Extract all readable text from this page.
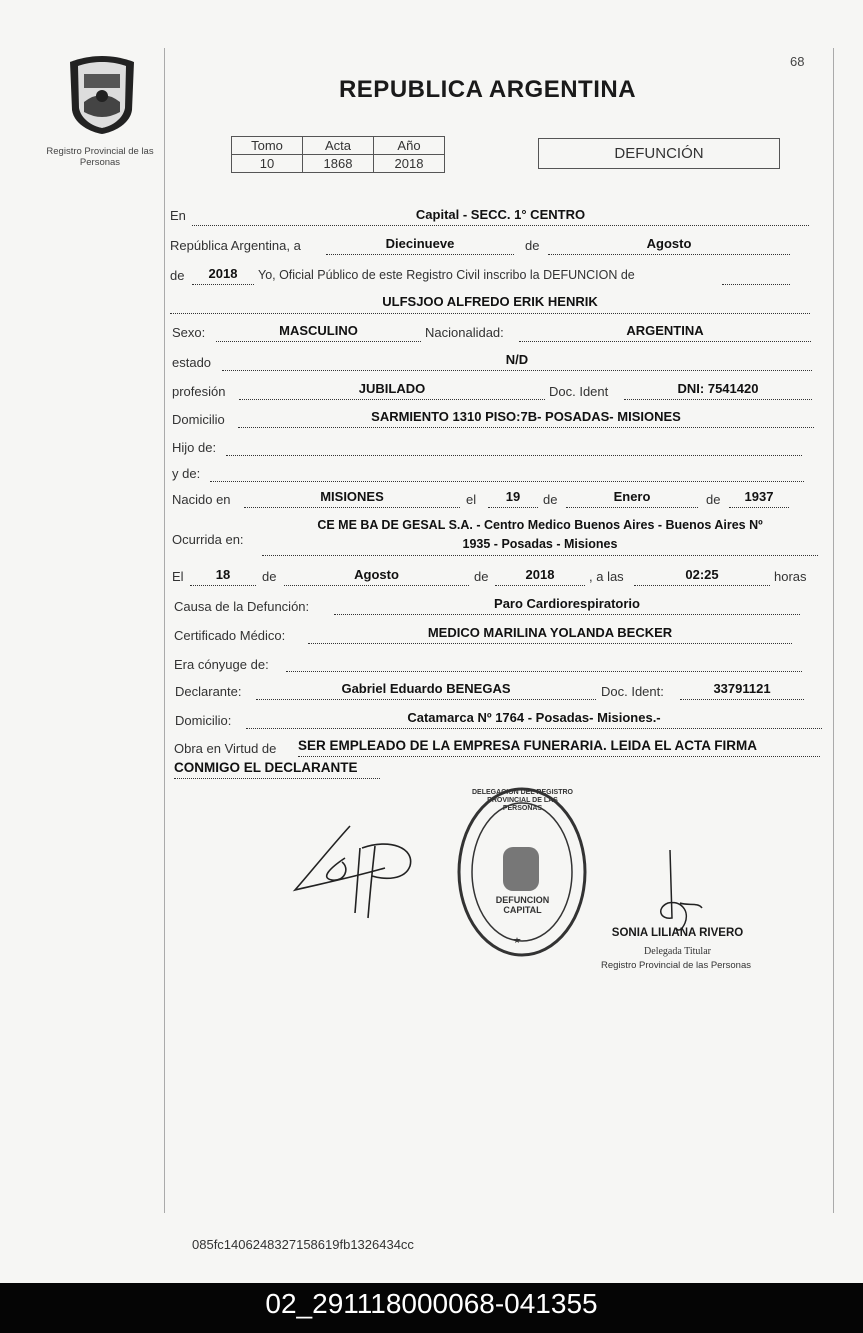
Registro Provincial de las Personas
68
REPUBLICA ARGENTINA
Tomo	Acta	Año
10	1868	2018
DEFUNCIÓN
En	Capital - SECC. 1° CENTRO
República Argentina, a	Diecinueve	de	Agosto
de	2018	Yo, Oficial Público de este Registro Civil inscribo la DEFUNCION de
ULFSJOO ALFREDO ERIK HENRIK
Sexo:	MASCULINO	Nacionalidad:	ARGENTINA
estado	N/D
profesión	JUBILADO	Doc. Ident	DNI: 7541420
Domicilio	SARMIENTO 1310 PISO:7B- POSADAS- MISIONES
Hijo de:
y de:
Nacido en	MISIONES	el	19	de	Enero	de	1937
Ocurrida en:
CE ME BA DE GESAL S.A. - Centro Medico Buenos Aires - Buenos Aires Nº
1935 - Posadas - Misiones
El	18	de	Agosto	de	2018	, a las	02:25	horas
Causa de la Defunción:	Paro Cardiorespiratorio
Certificado Médico:	MEDICO MARILINA YOLANDA BECKER
Era cónyuge de:
Declarante:	Gabriel Eduardo BENEGAS	Doc. Ident:	33791121
Domicilio:	Catamarca Nº 1764 - Posadas- Misiones.-
Obra en Virtud de SER EMPLEADO DE LA EMPRESA FUNERARIA. LEIDA EL ACTA FIRMA
CONMIGO EL DECLARANTE
DELEGACION DEL REGISTRO PROVINCIAL DE LAS PERSONAS
DEFUNCION CAPITAL
SONIA LILIANA RIVERO
Delegada Titular
Registro Provincial de las Personas
085fc1406248327158619fb1326434cc
02_291118000068-041355
